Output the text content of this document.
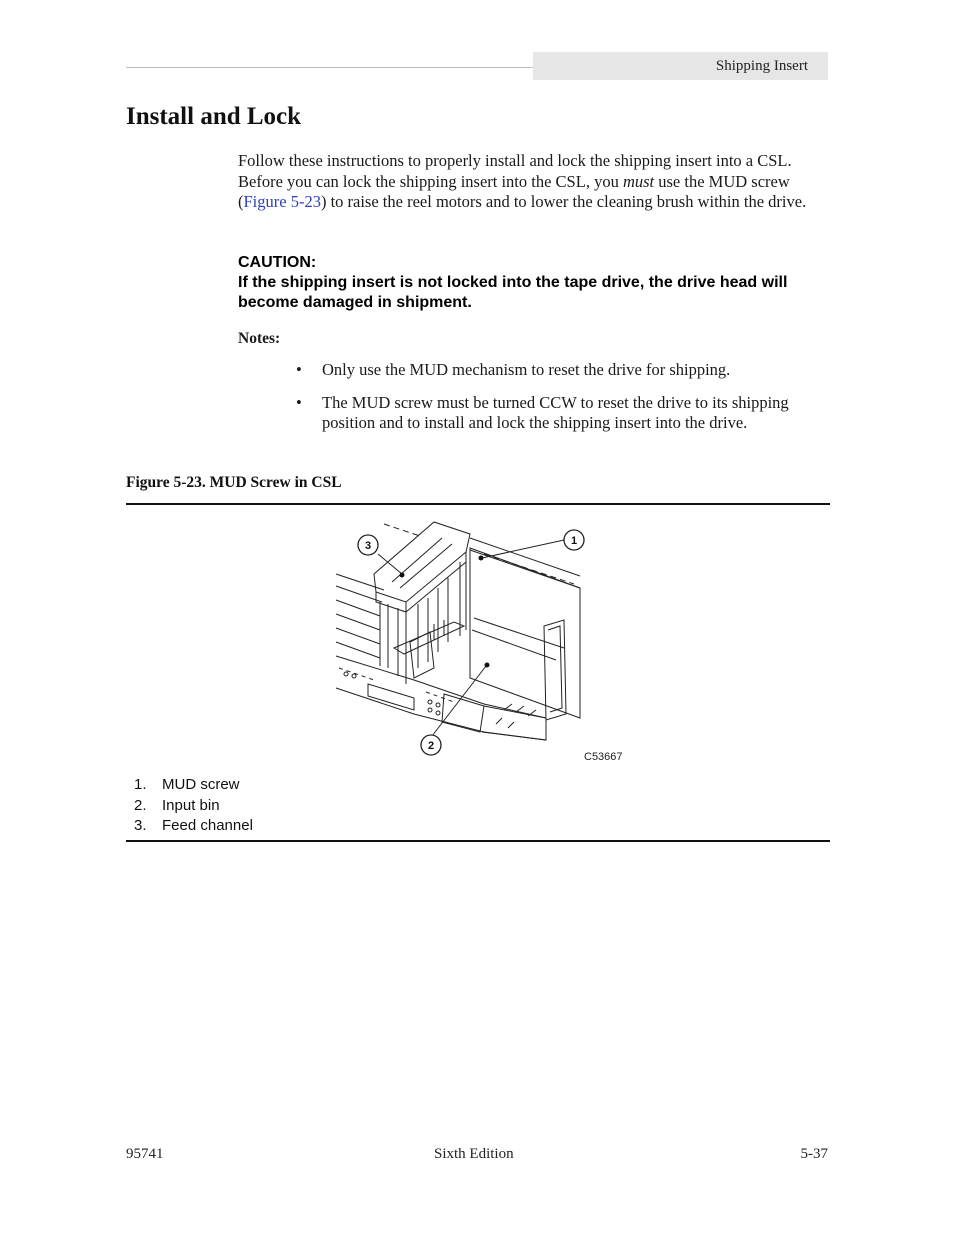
Shipping Insert
Install and Lock

Follow these instructions to properly install and lock the shipping insert into a CSL. Before you can lock the shipping insert into the CSL, you must use the MUD screw (Figure 5-23) to raise the reel motors and to lower the cleaning brush within the drive.

CAUTION:
If the shipping insert is not locked into the tape drive, the drive head will become damaged in shipment.
Notes:
• Only use the MUD mechanism to reset the drive for shipping.
• The MUD screw must be turned CCW to reset the drive to its shipping position and to install and lock the shipping insert into the drive.
Figure 5-23. MUD Screw in CSL
1
2
3
C53667
1.	MUD screw
2.	Input bin
3.	Feed channel
95741	Sixth Edition	5-37
